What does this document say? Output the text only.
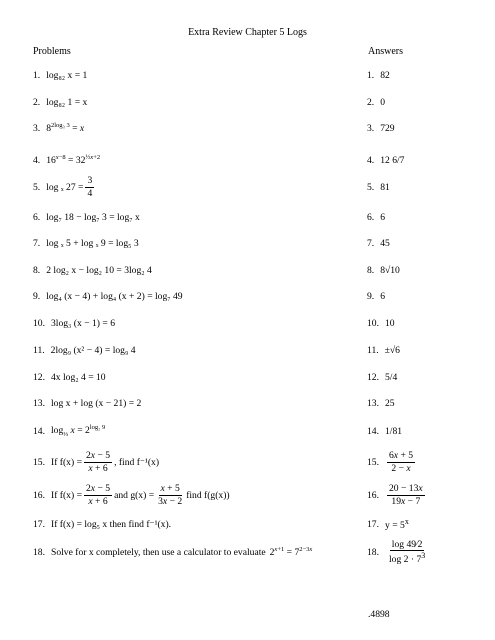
Extra Review Chapter 5 Logs
Problems	Answers
1. log₈₂ x = 1	1. 82
2. log₈₂ 1 = x	2. 0
3. $8^{2log_3 3} = x$	3. 729
4. $16^{x-8} = 32^{\frac{1}{2}x+2}$	4. 12 6/7
5. log ₓ $27 = \frac{3}{4}$	5. 81
6. log₇ 18 − log₇ 3 = log₇ x	6. 6
7. log ₓ 5 + log ₓ 9 = log₅ 3	7. 45
8. 2 log₂ x − log₂ 10 = 3log₂ 4	8. 8√10
9. log₄ (x − 4) + log₄ (x + 2) = log₇ 49	9. 6
10. 3log₃ (x − 1) = 6	10. 10
11. 2log₉ (x² − 4) = log₉ 4	11. ±√6
12. 4x log₂ 4 = 10	12. 5/4
13. log x + log (x − 21) = 2	13. 25
14. $\log_{\frac{1}{3}} x = 2^{log_2 9}$	14. 1/81
15. If $f(x) = \frac{2x - 5}{x + 6}$ , find f⁻¹(x)	15. $\frac{6x + 5}{2 - x}$
16. If $f(x) = \frac{2x - 5}{x + 6}$ and $g(x) = \frac{x + 5}{3x - 2}$ find f(g(x))	16. $\frac{20 - 13x}{19x - 7}$
17. If f(x) = log₅ x then find f⁻¹(x).	17. $y = 5^x$
18. Solve for x completely, then use a calculator to evaluate $2^{x+1} = 7^{2-3x}$	18. $\frac{\log 49⁄2}{\log 2 \cdot 7^3}$
.4898
